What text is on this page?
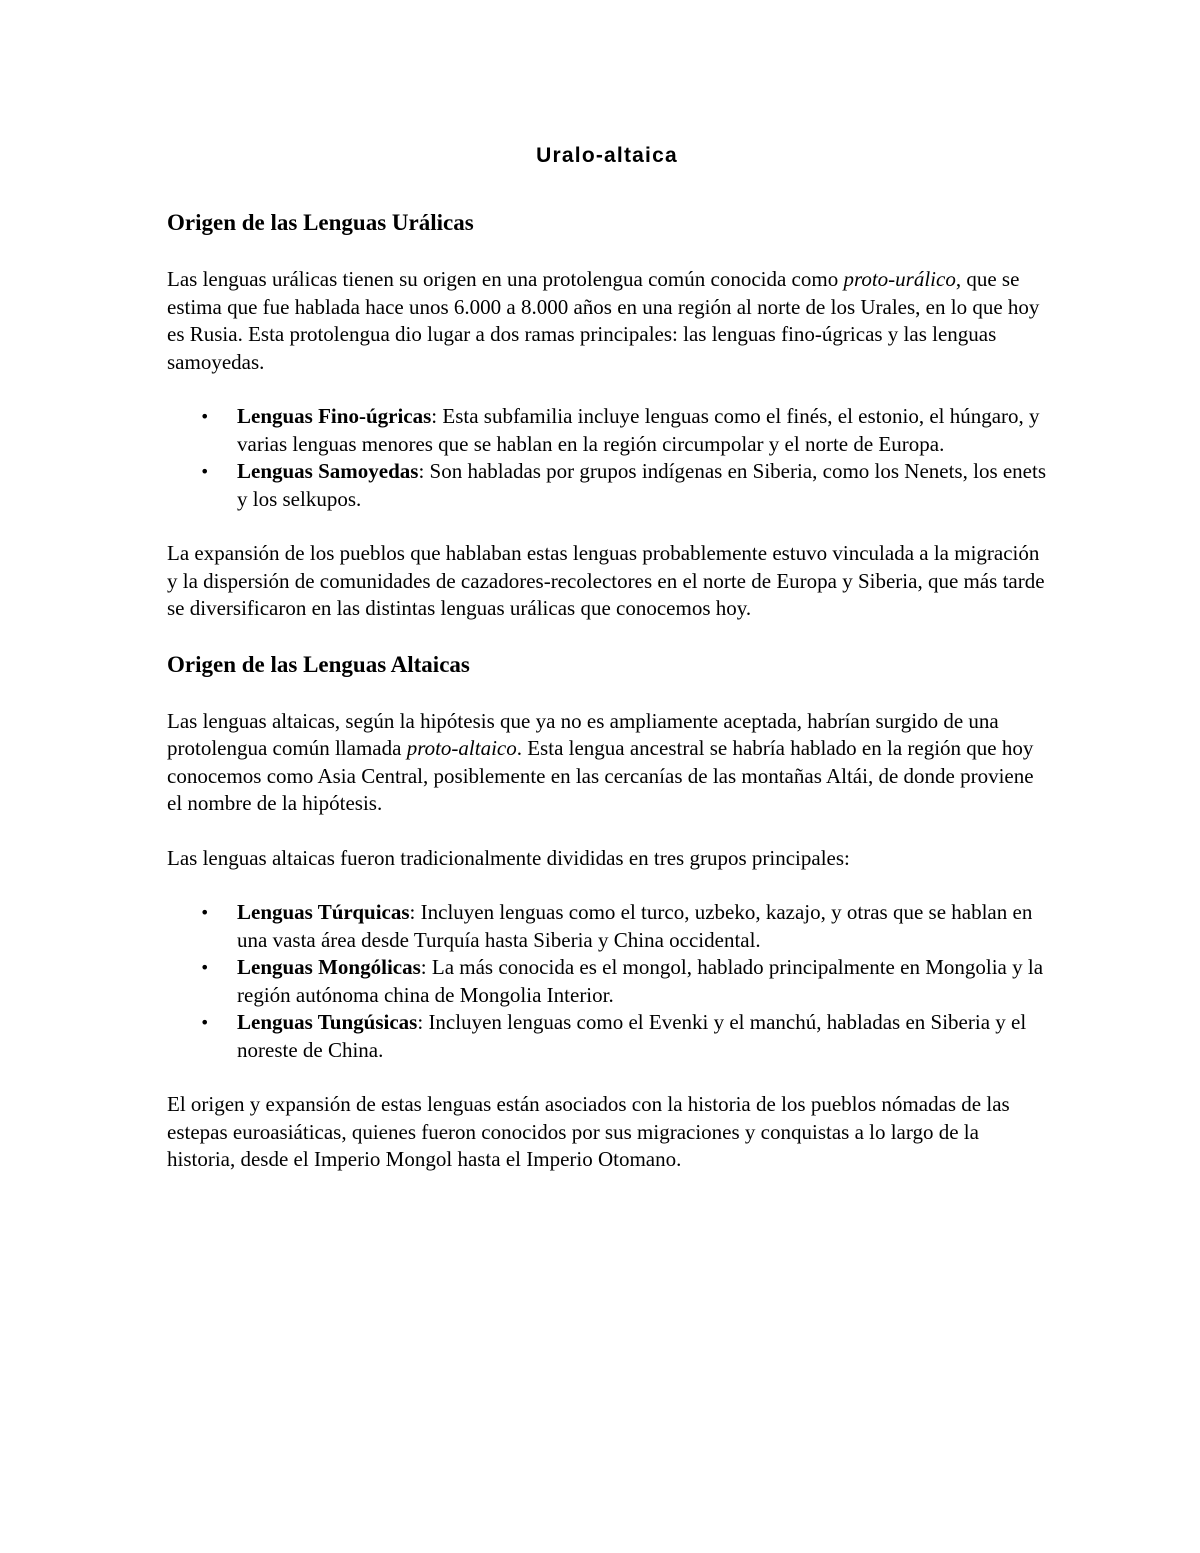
Uralo-altaica
Origen de las Lenguas Urálicas

Las lenguas urálicas tienen su origen en una protolengua común conocida como proto-urálico, que se estima que fue hablada hace unos 6.000 a 8.000 años en una región al norte de los Urales, en lo que hoy es Rusia. Esta protolengua dio lugar a dos ramas principales: las lenguas fino-úgricas y las lenguas samoyedas.

• Lenguas Fino-úgricas: Esta subfamilia incluye lenguas como el finés, el estonio, el húngaro, y varias lenguas menores que se hablan en la región circumpolar y el norte de Europa.
• Lenguas Samoyedas: Son habladas por grupos indígenas en Siberia, como los Nenets, los enets y los selkupos.

La expansión de los pueblos que hablaban estas lenguas probablemente estuvo vinculada a la migración y la dispersión de comunidades de cazadores-recolectores en el norte de Europa y Siberia, que más tarde se diversificaron en las distintas lenguas urálicas que conocemos hoy.

Origen de las Lenguas Altaicas

Las lenguas altaicas, según la hipótesis que ya no es ampliamente aceptada, habrían surgido de una protolengua común llamada proto-altaico. Esta lengua ancestral se habría hablado en la región que hoy conocemos como Asia Central, posiblemente en las cercanías de las montañas Altái, de donde proviene el nombre de la hipótesis.

Las lenguas altaicas fueron tradicionalmente divididas en tres grupos principales:

• Lenguas Túrquicas: Incluyen lenguas como el turco, uzbeko, kazajo, y otras que se hablan en una vasta área desde Turquía hasta Siberia y China occidental.
• Lenguas Mongólicas: La más conocida es el mongol, hablado principalmente en Mongolia y la región autónoma china de Mongolia Interior.
• Lenguas Tungúsicas: Incluyen lenguas como el Evenki y el manchú, habladas en Siberia y el noreste de China.

El origen y expansión de estas lenguas están asociados con la historia de los pueblos nómadas de las estepas euroasiáticas, quienes fueron conocidos por sus migraciones y conquistas a lo largo de la historia, desde el Imperio Mongol hasta el Imperio Otomano.
